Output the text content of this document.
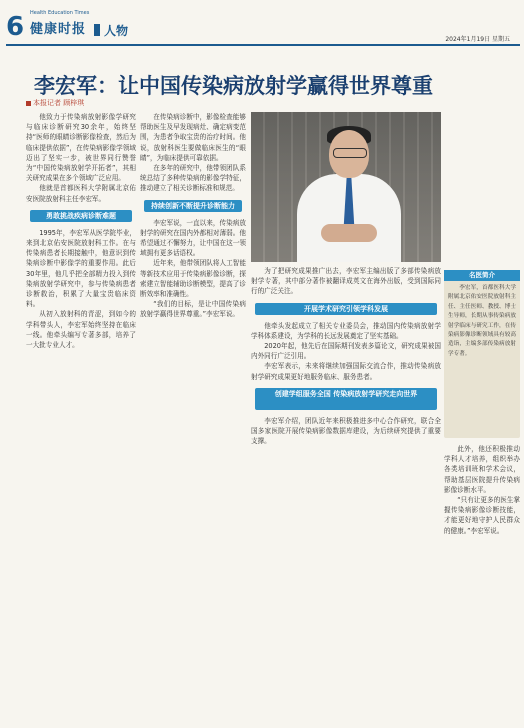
6 Health Education Times
健康时报 人物
2024年1月19日 星期五
李宏军：让中国传染病放射学赢得世界尊重
本报记者 顾梓琪

他致力于传染病放射影像学研究与临床诊断研究30余年，始终坚持“医师的眼睛诊断影像检查，然后为临床提供依据”，在传染病影像学领域迈出了坚实一步，被世界同行赞誉为“中国传染病放射学开拓者”，其相关研究成果在多个领域广泛应用。

他就是首都医科大学附属北京佑安医院放射科主任李宏军。

勇敢挑战疾病诊断难题

1995年，李宏军从医学院毕业，来到北京佑安医院放射科工作。在与传染病患者长期接触中，他意识到传染病诊断中影像学的重要作用。此后30年里，他几乎把全部精力投入到传染病放射学研究中，参与传染病患者诊断救治，积累了大量宝贵临床资料。

从初入放射科的青涩，到如今的学科带头人，李宏军始终坚持在临床一线。他牵头编写专著多部，培养了一大批专业人才。

在传染病诊断中，影像检查能够帮助医生及早发现病灶、确定病变范围，为患者争取宝贵的治疗时间。他说，放射科医生要做临床医生的“眼睛”，为临床提供可靠依据。

在多年的研究中，他带领团队系统总结了多种传染病的影像学特征，推动建立了相关诊断标准和规范。

持续创新不断提升诊断能力

李宏军说，一直以来，传染病放射学的研究在国内外都相对薄弱。他希望通过不懈努力，让中国在这一领域拥有更多话语权。

近年来，他带领团队将人工智能等新技术应用于传染病影像诊断，探索建立智能辅助诊断模型，提高了诊断效率和准确性。

“我们的目标，是让中国传染病放射学赢得世界尊重。”李宏军说。

为了把研究成果推广出去，李宏军主编出版了多部传染病放射学专著，其中部分著作被翻译成英文在海外出版，受到国际同行的广泛关注。

开展学术研究引领学科发展

他牵头发起成立了相关专业委员会，推动国内传染病放射学学科体系建设，为学科的长远发展奠定了坚实基础。

2020年起，他先后在国际期刊发表多篇论文，研究成果被国内外同行广泛引用。

李宏军表示，未来将继续加强国际交流合作，推动传染病放射学研究成果更好地服务临床、服务患者。

创建学组服务全国 传染病放射学研究走向世界

李宏军介绍，团队近年来积极推进多中心合作研究，联合全国多家医院开展传染病影像数据库建设，为后续研究提供了重要支撑。

名医简介
李宏军，首都医科大学附属北京佑安医院放射科主任、主任医师、教授、博士生导师，长期从事传染病放射学临床与研究工作，在传染病影像诊断领域具有较高造诣，主编多部传染病放射学专著。

此外，他还积极推动学科人才培养，组织举办各类培训班和学术会议，帮助基层医院提升传染病影像诊断水平。

“只有让更多的医生掌握传染病影像诊断技能，才能更好地守护人民群众的健康。”李宏军说。
